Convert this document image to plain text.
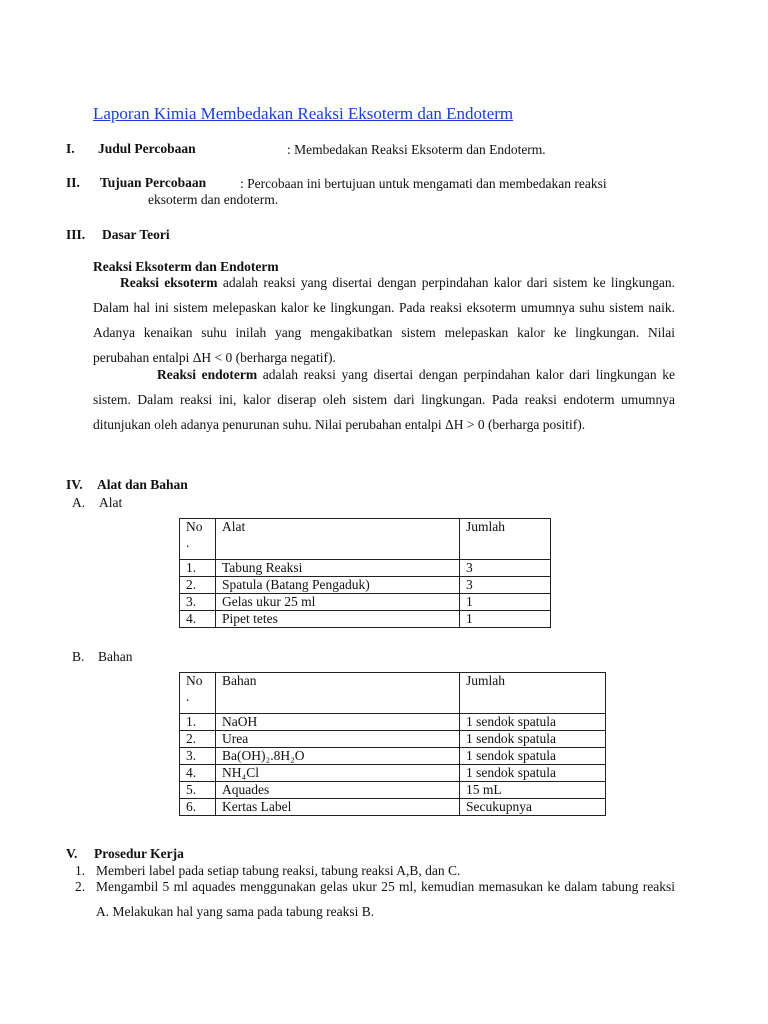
Laporan Kimia Membedakan Reaksi Eksoterm dan Endoterm
I. Judul Percobaan	: Membedakan Reaksi Eksoterm dan Endoterm.
II. Tujuan Percobaan	: Percobaan ini bertujuan untuk mengamati dan membedakan reaksi
eksoterm dan endoterm.
III. Dasar Teori
Reaksi Eksoterm dan Endoterm
Reaksi eksoterm adalah reaksi yang disertai dengan perpindahan kalor dari sistem ke lingkungan. Dalam hal ini sistem melepaskan kalor ke lingkungan. Pada reaksi eksoterm umumnya suhu sistem naik. Adanya kenaikan suhu inilah yang mengakibatkan sistem melepaskan kalor ke lingkungan. Nilai perubahan entalpi ΔH < 0 (berharga negatif).
Reaksi endoterm adalah reaksi yang disertai dengan perpindahan kalor dari lingkungan ke sistem. Dalam reaksi ini, kalor diserap oleh sistem dari lingkungan. Pada reaksi endoterm umumnya ditunjukan oleh adanya penurunan suhu. Nilai perubahan entalpi ΔH > 0 (berharga positif).
IV. Alat dan Bahan
A. Alat
No
.	Alat	Jumlah
1.	Tabung Reaksi	3
2.	Spatula (Batang Pengaduk)	3
3.	Gelas ukur 25 ml	1
4.	Pipet tetes	1
B. Bahan
No
.	Bahan	Jumlah
1.	NaOH	1 sendok spatula
2.	Urea	1 sendok spatula
3.	Ba(OH)₂.8H₂O	1 sendok spatula
4.	NH₄Cl	1 sendok spatula
5.	Aquades	15 mL
6.	Kertas Label	Secukupnya
V. Prosedur Kerja
1. Memberi label pada setiap tabung reaksi, tabung reaksi A,B, dan C.
2. Mengambil 5 ml aquades menggunakan gelas ukur 25 ml, kemudian memasukan ke dalam tabung reaksi A. Melakukan hal yang sama pada tabung reaksi B.
